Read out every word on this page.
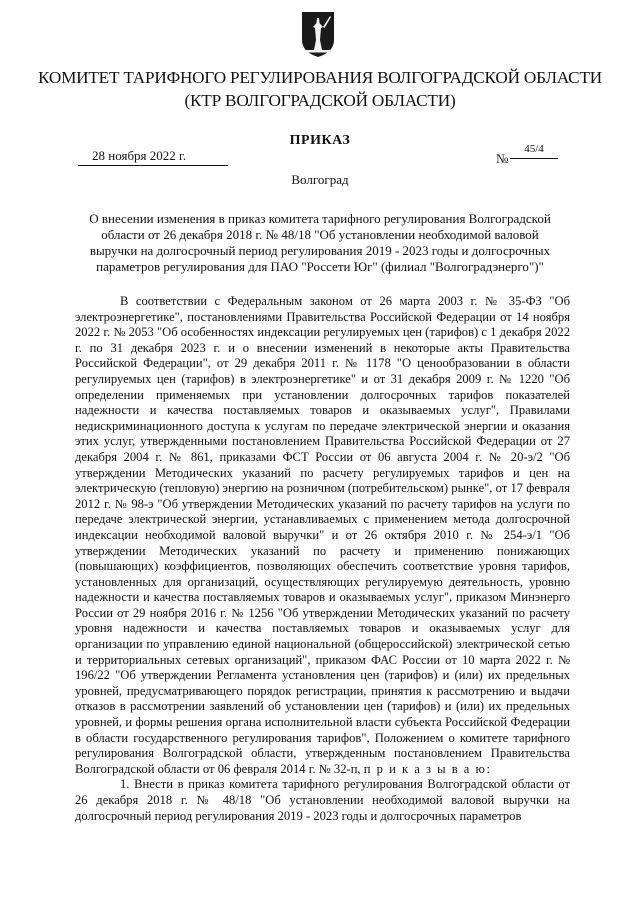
КОМИТЕТ ТАРИФНОГО РЕГУЛИРОВАНИЯ ВОЛГОГРАДСКОЙ ОБЛАСТИ
(КТР ВОЛГОГРАДСКОЙ ОБЛАСТИ)
ПРИКАЗ
28 ноября 2022 г.	№
45/4
Волгоград
О внесении изменения в приказ комитета тарифного регулирования Волгоградской
области от 26 декабря 2018 г. № 48/18 "Об установлении необходимой валовой
выручки на долгосрочный период регулирования 2019 - 2023 годы и долгосрочных
параметров регулирования для ПАО "Россети Юг" (филиал "Волгоградэнерго")"

В соответствии с Федеральным законом от 26 марта 2003 г. № 35-ФЗ "Об электроэнергетике", постановлениями Правительства Российской Федерации от 14 ноября 2022 г. № 2053 "Об особенностях индексации регулируемых цен (тарифов) с 1 декабря 2022 г. по 31 декабря 2023 г. и о внесении изменений в некоторые акты Правительства Российской Федерации", от 29 декабря 2011 г. № 1178 "О ценообразовании в области регулируемых цен (тарифов) в электроэнергетике" и от 31 декабря 2009 г. № 1220 "Об определении применяемых при установлении долгосрочных тарифов показателей надежности и качества поставляемых товаров и оказываемых услуг", Правилами недискриминационного доступа к услугам по передаче электрической энергии и оказания этих услуг, утвержденными постановлением Правительства Российской Федерации от 27 декабря 2004 г. № 861, приказами ФСТ России от 06 августа 2004 г. № 20-э/2 "Об утверждении Методических указаний по расчету регулируемых тарифов и цен на электрическую (тепловую) энергию на розничном (потребительском) рынке", от 17 февраля 2012 г. № 98-э "Об утверждении Методических указаний по расчету тарифов на услуги по передаче электрической энергии, устанавливаемых с применением метода долгосрочной индексации необходимой валовой выручки" и от 26 октября 2010 г. № 254-э/1 "Об утверждении Методических указаний по расчету и применению понижающих (повышающих) коэффициентов, позволяющих обеспечить соответствие уровня тарифов, установленных для организаций, осуществляющих регулируемую деятельность, уровню надежности и качества поставляемых товаров и оказываемых услуг", приказом Минэнерго России от 29 ноября 2016 г. № 1256 "Об утверждении Методических указаний по расчету уровня надежности и качества поставляемых товаров и оказываемых услуг для организации по управлению единой национальной (общероссийской) электрической сетью и территориальных сетевых организаций", приказом ФАС России от 10 марта 2022 г. № 196/22 "Об утверждении Регламента установления цен (тарифов) и (или) их предельных уровней, предусматривающего порядок регистрации, принятия к рассмотрению и выдачи отказов в рассмотрении заявлений об установлении цен (тарифов) и (или) их предельных уровней, и формы решения органа исполнительной власти субъекта Российской Федерации в области государственного регулирования тарифов", Положением о комитете тарифного регулирования Волгоградской области, утвержденным постановлением Правительства Волгоградской области от 06 февраля 2014 г. № 32-п, п р и к а з ы в а ю:

1. Внести в приказ комитета тарифного регулирования Волгоградской области от 26 декабря 2018 г. № 48/18 "Об установлении необходимой валовой выручки на долгосрочный период регулирования 2019 - 2023 годы и долгосрочных параметров
